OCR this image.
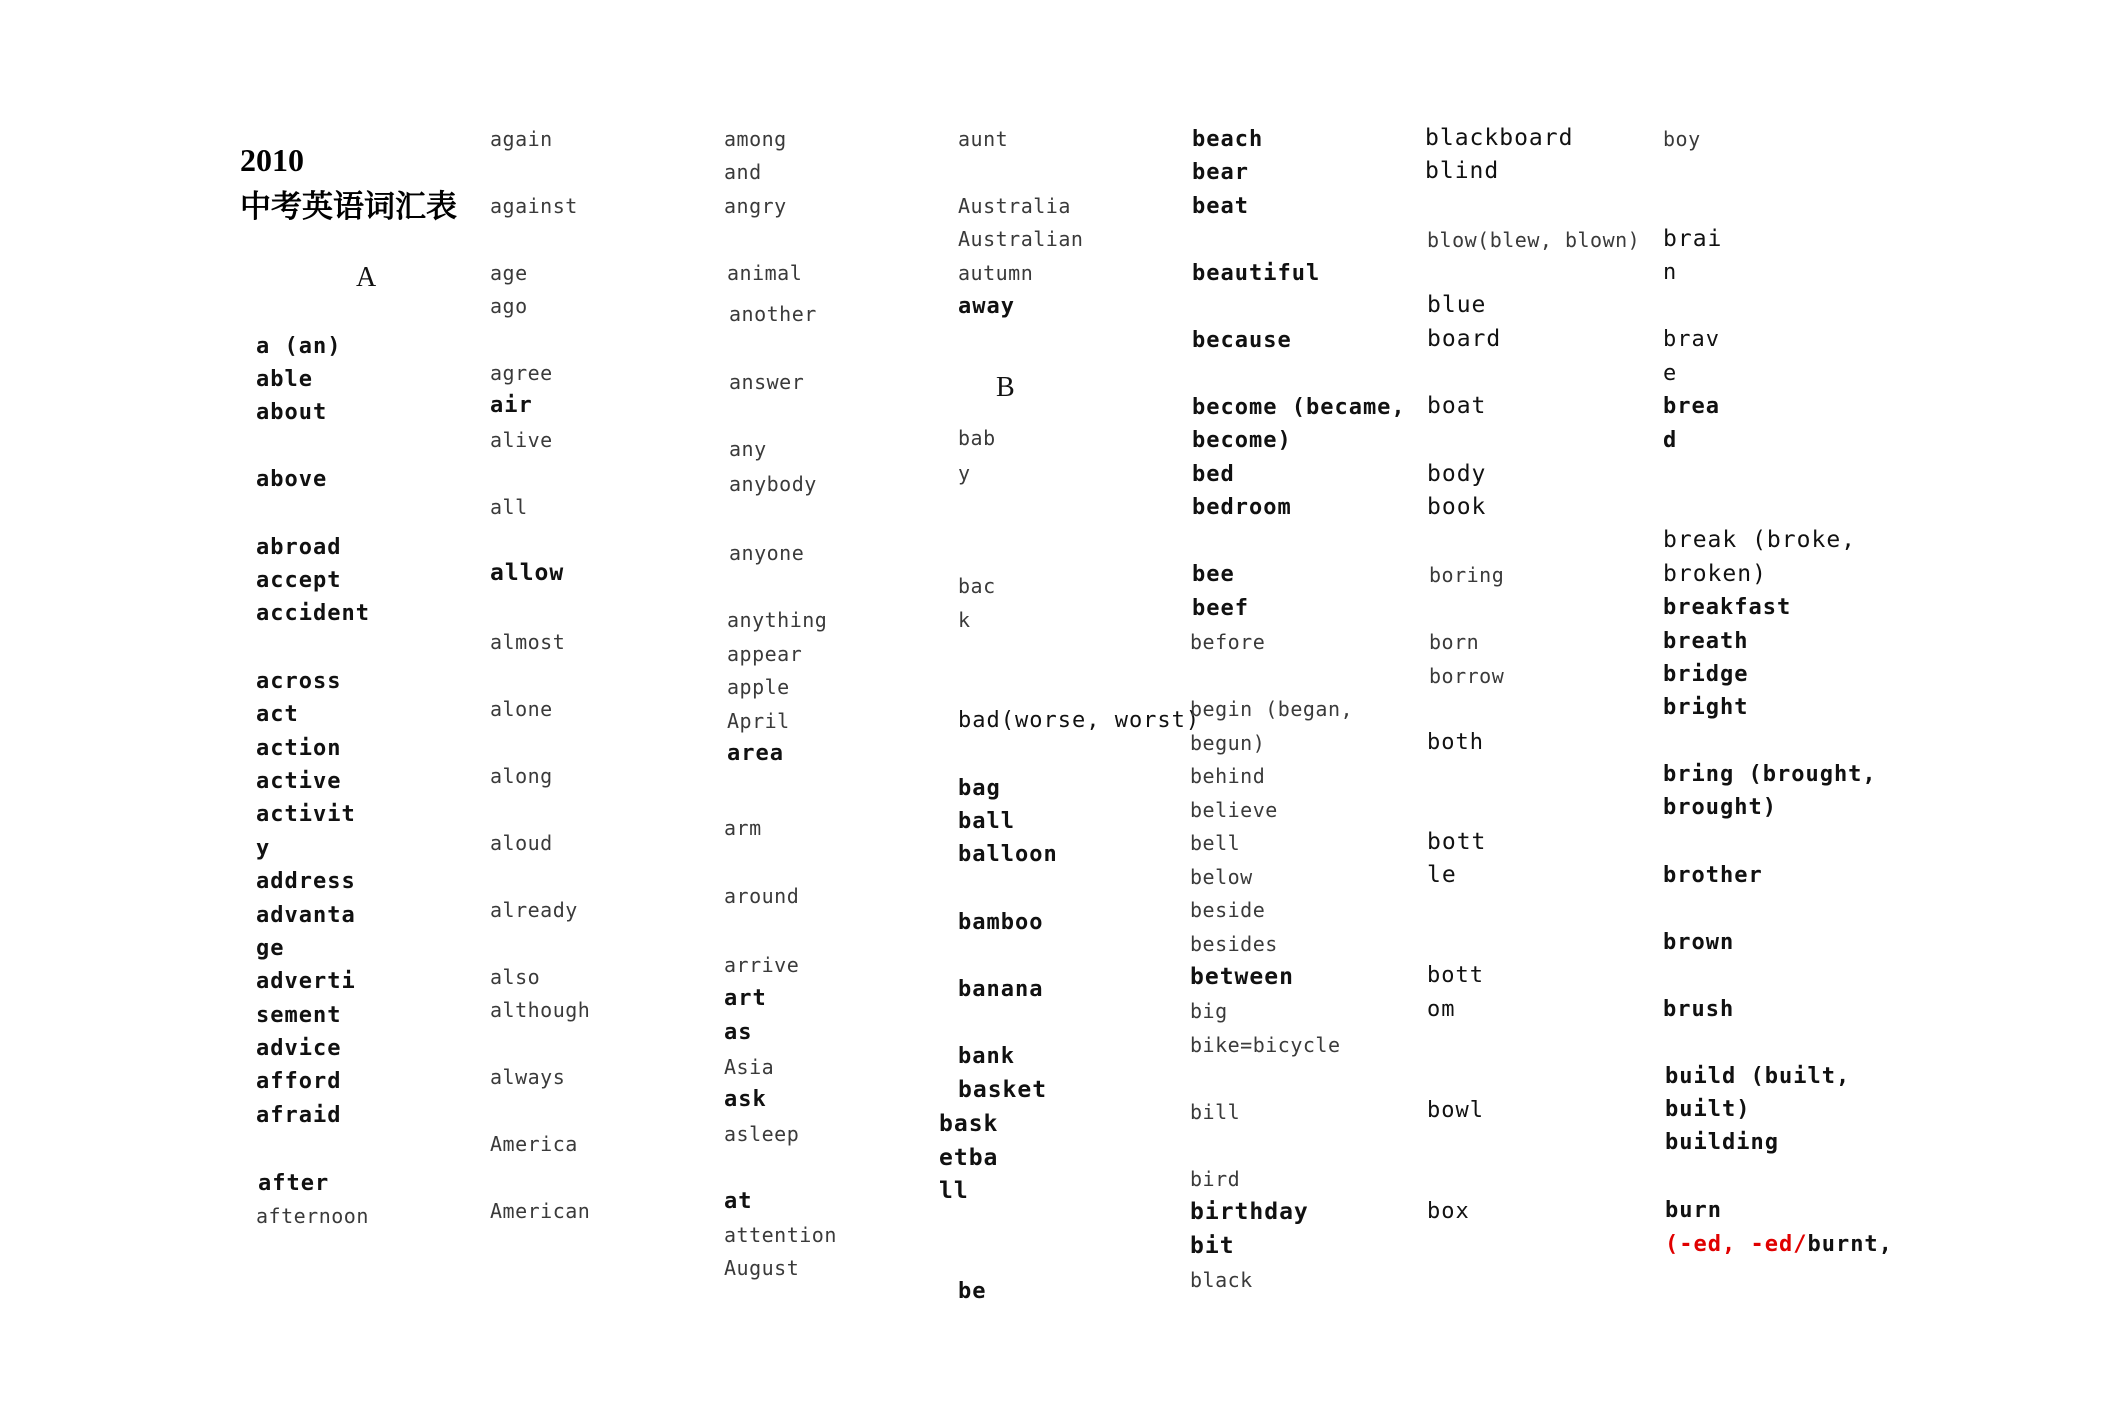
2010
中考英语词汇表
A
B
a (an)
able
about
above
abroad
accept
accident
across
act
action
active
activit
y
address
advanta
ge
adverti
sement
advice
afford
afraid
after
afternoon
again
against
age
ago
agree
air
alive
all
allow
almost
alone
along
aloud
already
also
although
always
America
American
among
and
angry
animal
another
answer
any
anybody
anyone
anything
appear
apple
April
area
arm
around
arrive
art
as
Asia
ask
asleep
at
attention
August
aunt
Australia
Australian
autumn
away
bab
y
bac
k
bad(worse, worst)
bag
ball
balloon
bamboo
banana
bank
basket
bask
etba
ll
be
beach
bear
beat
beautiful
because
become (became,
become)
bed
bedroom
bee
beef
before
begin (began,
begun)
behind
believe
bell
below
beside
besides
between
big
bike=bicycle
bill
bird
birthday
bit
black
blackboard
blind
blow(blew, blown)
blue
board
boat
body
book
boring
born
borrow
both
bott
le
bott
om
bowl
box
boy
brai
n
brav
e
brea
d
break (broke,
broken)
breakfast
breath
bridge
bright
bring (brought,
brought)
brother
brown
brush
build (built,
built)
building
burn
(-ed, -ed/burnt,
